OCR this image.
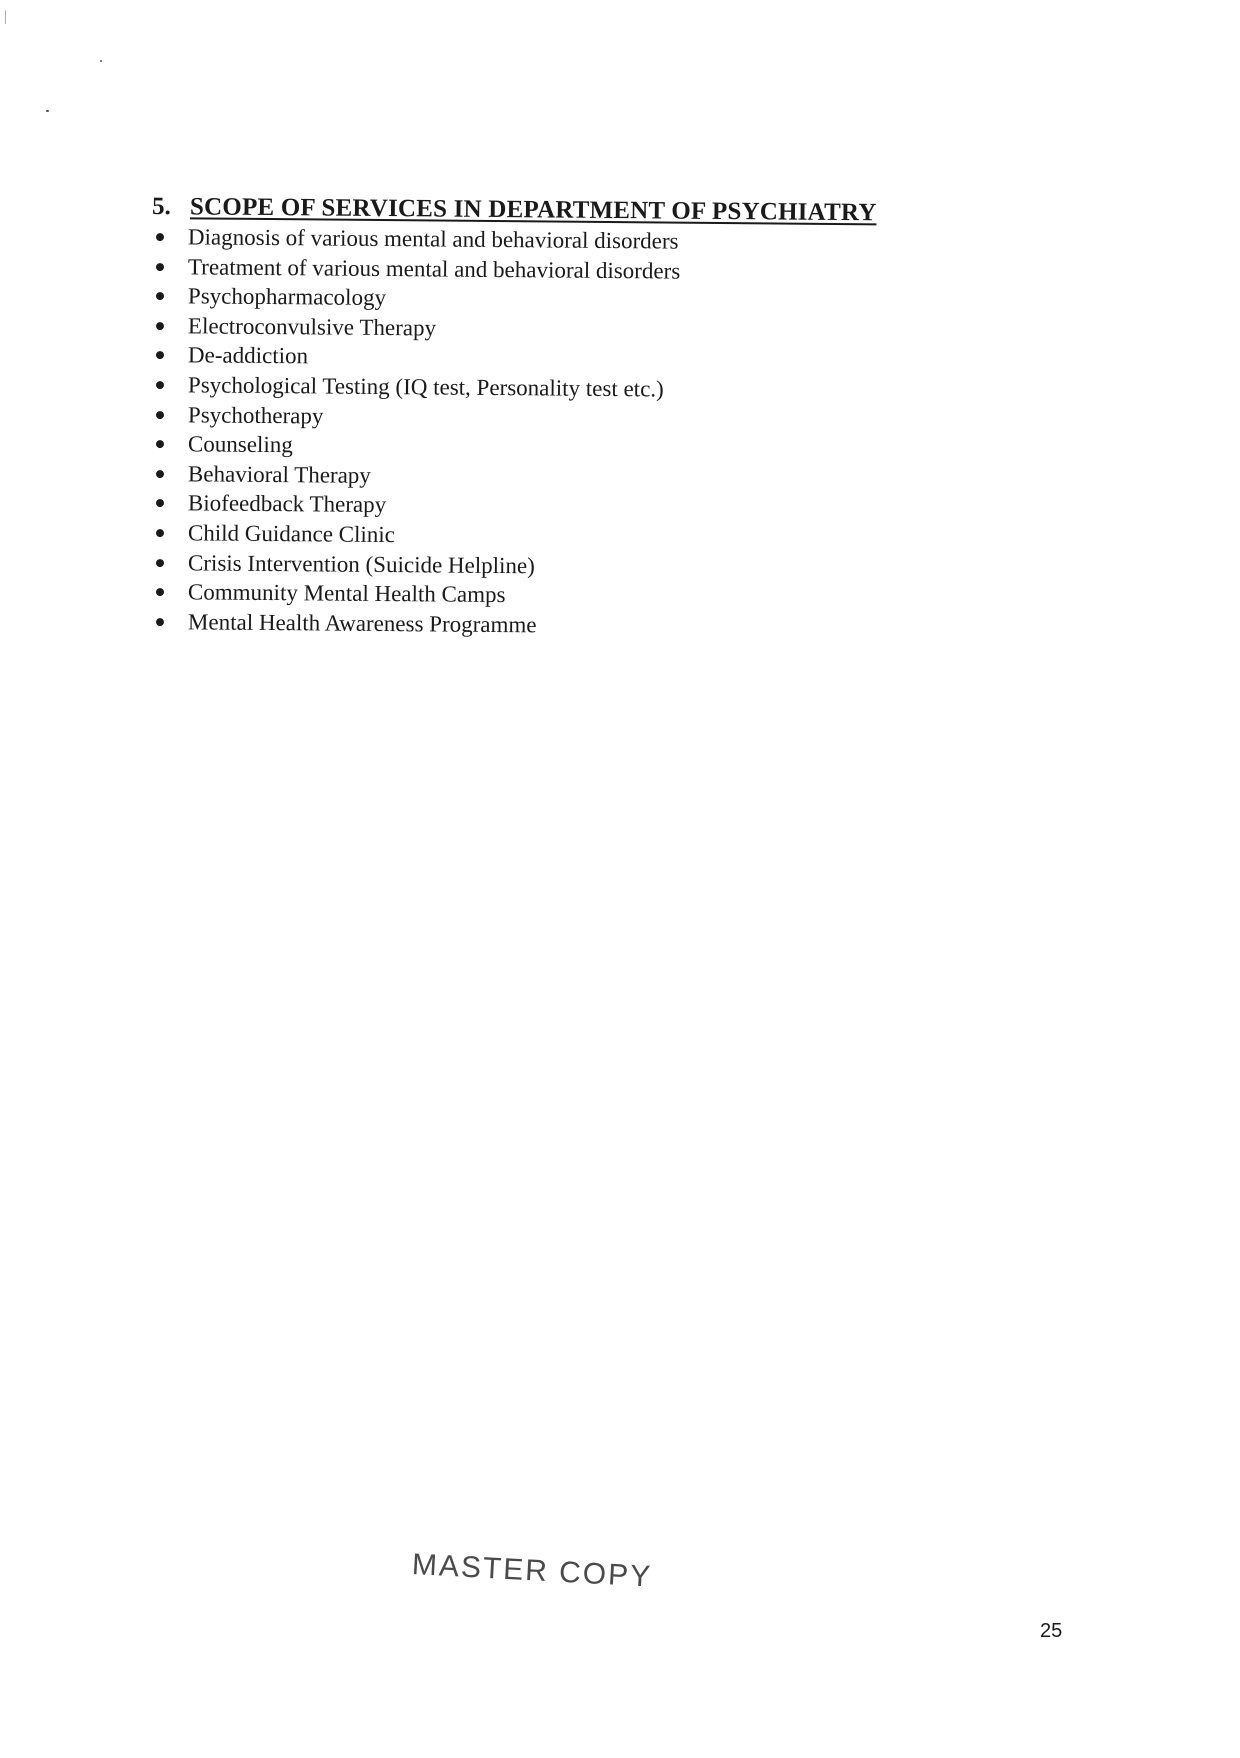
5. SCOPE OF SERVICES IN DEPARTMENT OF PSYCHIATRY
Diagnosis of various mental and behavioral disorders
Treatment of various mental and behavioral disorders
Psychopharmacology
Electroconvulsive Therapy
De-addiction
Psychological Testing (IQ test, Personality test etc.)
Psychotherapy
Counseling
Behavioral Therapy
Biofeedback Therapy
Child Guidance Clinic
Crisis Intervention (Suicide Helpline)
Community Mental Health Camps
Mental Health Awareness Programme
MASTER COPY
25
